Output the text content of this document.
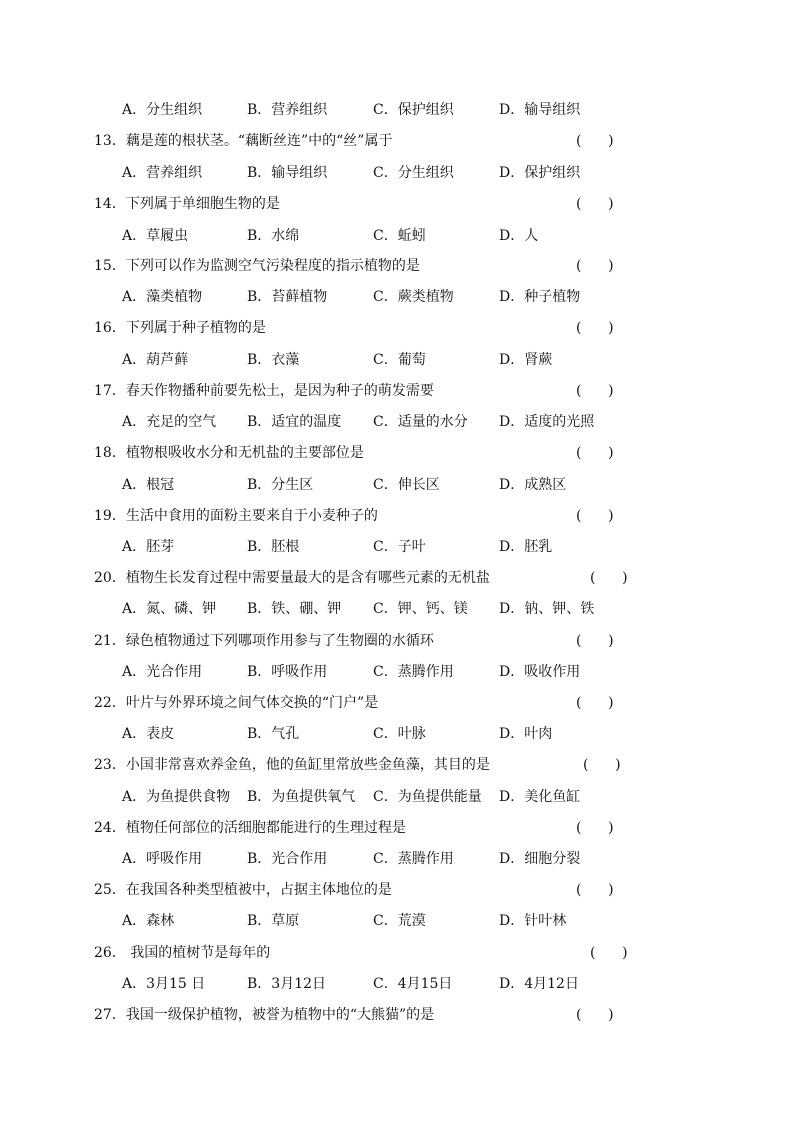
A．分生组织	B．营养组织	C．保护组织	D．输导组织
13．藕是莲的根状茎。“藕断丝连”中的“丝”属于	(      )
A．营养组织	B．输导组织	C．分生组织	D．保护组织
14．下列属于单细胞生物的是	(      )
A．草履虫	B．水绵	C．蚯蚓	D．人
15．下列可以作为监测空气污染程度的指示植物的是	(      )
A．藻类植物	B．苔藓植物	C．蕨类植物	D．种子植物
16．下列属于种子植物的是	(      )
A．葫芦藓	B．衣藻	C．葡萄	D．肾蕨
17．春天作物播种前要先松土，是因为种子的萌发需要	(      )
A．充足的空气 B．适宜的温度 C．适量的水分 D．适度的光照
18．植物根吸收水分和无机盐的主要部位是	(      )
A．根冠	B．分生区	C．伸长区	D．成熟区
19．生活中食用的面粉主要来自于小麦种子的	(      )
A．胚芽	B．胚根	C．子叶	D．胚乳
20．植物生长发育过程中需要量最大的是含有哪些元素的无机盐	(      )
A．氮、磷、钾 B．铁、硼、钾 C．钾、钙、镁 D．钠、钾、铁
21．绿色植物通过下列哪项作用参与了生物圈的水循环	(      )
A．光合作用	B．呼吸作用	C．蒸腾作用	D．吸收作用
22．叶片与外界环境之间气体交换的“门户”是	(      )
A．表皮	B．气孔	C．叶脉	D．叶肉
23．小国非常喜欢养金鱼，他的鱼缸里常放些金鱼藻，其目的是	(      )
A．为鱼提供食物 B．为鱼提供氧气 C．为鱼提供能量 D．美化鱼缸
24．植物任何部位的活细胞都能进行的生理过程是	(      )
A．呼吸作用	B．光合作用	C．蒸腾作用	D．细胞分裂
25．在我国各种类型植被中，占据主体地位的是	(      )
A．森林	B．草原	C．荒漠	D．针叶林
26． 我国的植树节是每年的	(      )
A．3月15 日	B．3月12日	C．4月15日	D．4月12日
27．我国一级保护植物，被誉为植物中的“大熊猫”的是	(      )
